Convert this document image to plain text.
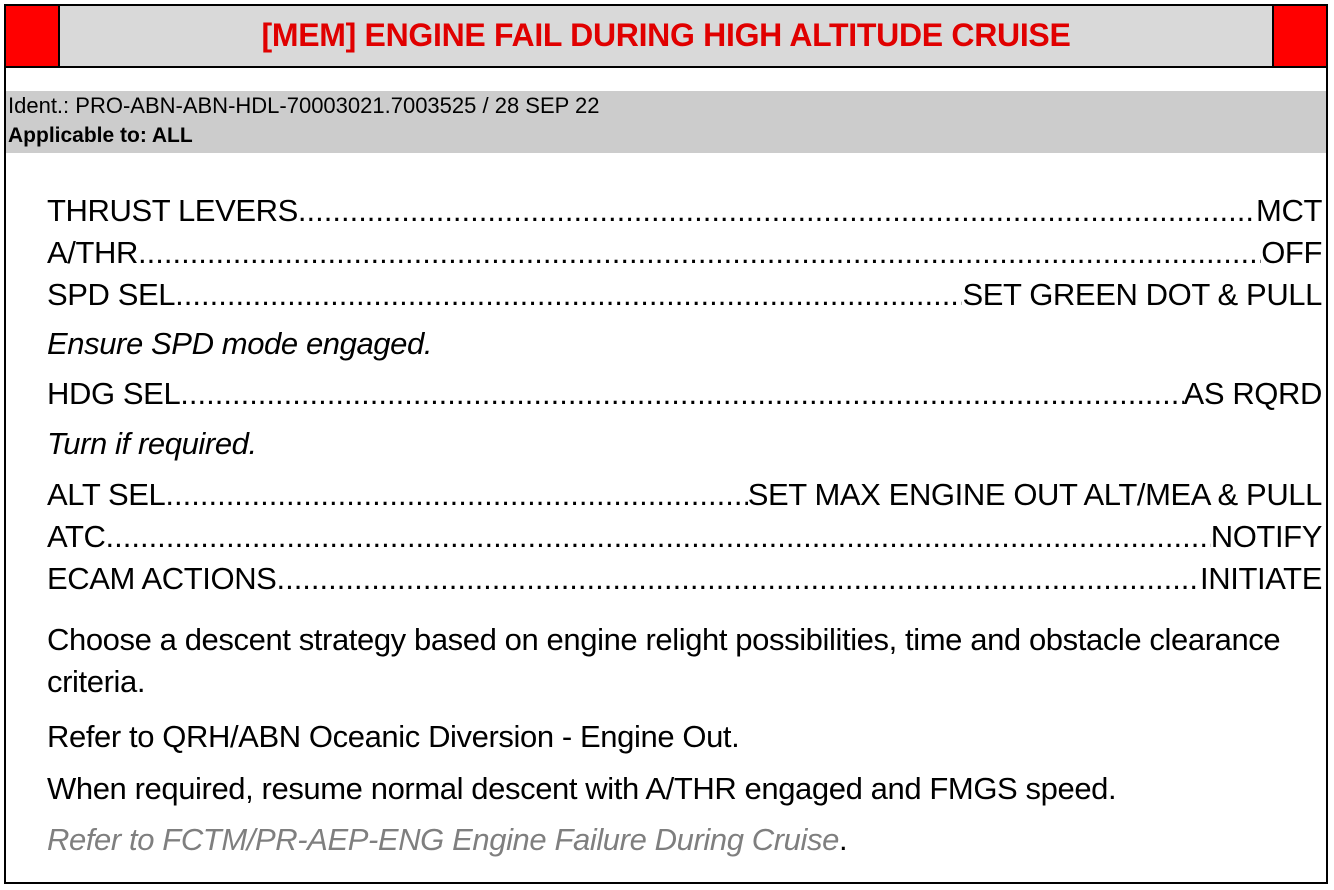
[MEM] ENGINE FAIL DURING HIGH ALTITUDE CRUISE
Ident.: PRO-ABN-ABN-HDL-70003021.7003525 / 28 SEP 22
Applicable to: ALL
THRUST LEVERS .....	MCT
A/THR .....	OFF
SPD SEL .....	SET GREEN DOT & PULL
Ensure SPD mode engaged.
HDG SEL .....	AS RQRD
Turn if required.
ALT SEL .....	SET MAX ENGINE OUT ALT/MEA & PULL
ATC .....	NOTIFY
ECAM ACTIONS .....	INITIATE
Choose a descent strategy based on engine relight possibilities, time and obstacle clearance criteria.
Refer to QRH/ABN Oceanic Diversion - Engine Out.
When required, resume normal descent with A/THR engaged and FMGS speed.
Refer to FCTM/PR-AEP-ENG Engine Failure During Cruise.
